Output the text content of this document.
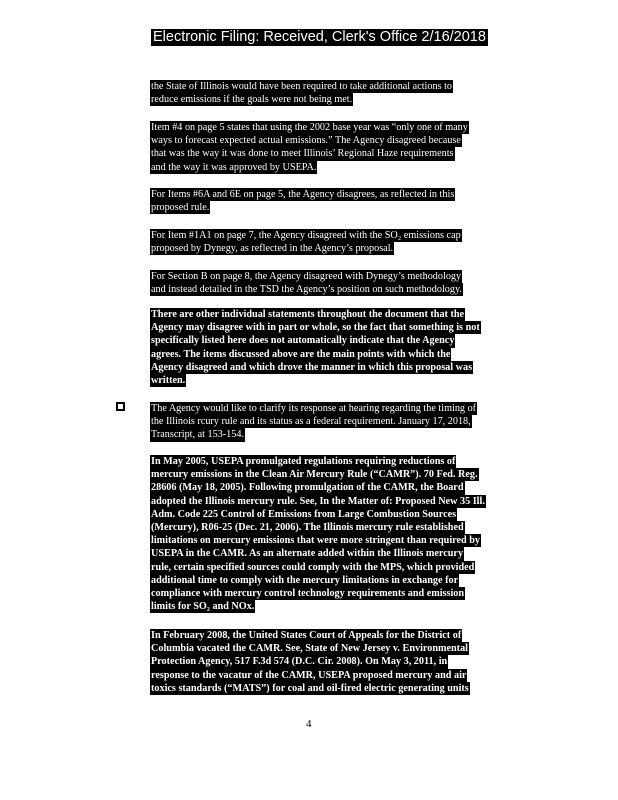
Electronic Filing: Received, Clerk's Office 2/16/2018
the State of Illinois would have been required to take additional actions to
reduce emissions if the goals were not being met.
Item #4 on page 5 states that using the 2002 base year was “only one of many
ways to forecast expected actual emissions.” The Agency disagreed because
that was the way it was done to meet Illinois’ Regional Haze requirements
and the way it was approved by USEPA.
For Items #6A and 6E on page 5, the Agency disagrees, as reflected in this
proposed rule.
For Item #1A1 on page 7, the Agency disagreed with the SO₂ emissions cap
proposed by Dynegy, as reflected in the Agency’s proposal.
For Section B on page 8, the Agency disagreed with Dynegy’s methodology
and instead detailed in the TSD the Agency’s position on such methodology.
There are other individual statements throughout the document that the
Agency may disagree with in part or whole, so the fact that something is not
specifically listed here does not automatically indicate that the Agency
agrees. The items discussed above are the main points with which the
Agency disagreed and which drove the manner in which this proposal was
written.
The Agency would like to clarify its response at hearing regarding the timing of
the Illinois rcury rule and its status as a federal requirement. January 17, 2018,
Transcript, at 153-154.
In May 2005, USEPA promulgated regulations requiring reductions of
mercury emissions in the Clean Air Mercury Rule (“CAMR”). 70 Fed. Reg.
28606 (May 18, 2005). Following promulgation of the CAMR, the Board
adopted the Illinois mercury rule. See, In the Matter of: Proposed New 35 Ill.
Adm. Code 225 Control of Emissions from Large Combustion Sources
(Mercury), R06-25 (Dec. 21, 2006). The Illinois mercury rule established
limitations on mercury emissions that were more stringent than required by
USEPA in the CAMR. As an alternate added within the Illinois mercury
rule, certain specified sources could comply with the MPS, which provided
additional time to comply with the mercury limitations in exchange for
compliance with mercury control technology requirements and emission
limits for SO₂ and NOx.
In February 2008, the United States Court of Appeals for the District of
Columbia vacated the CAMR. See, State of New Jersey v. Environmental
Protection Agency, 517 F.3d 574 (D.C. Cir. 2008). On May 3, 2011, in
response to the vacatur of the CAMR, USEPA proposed mercury and air
toxics standards (“MATS”) for coal and oil-fired electric generating units
4
